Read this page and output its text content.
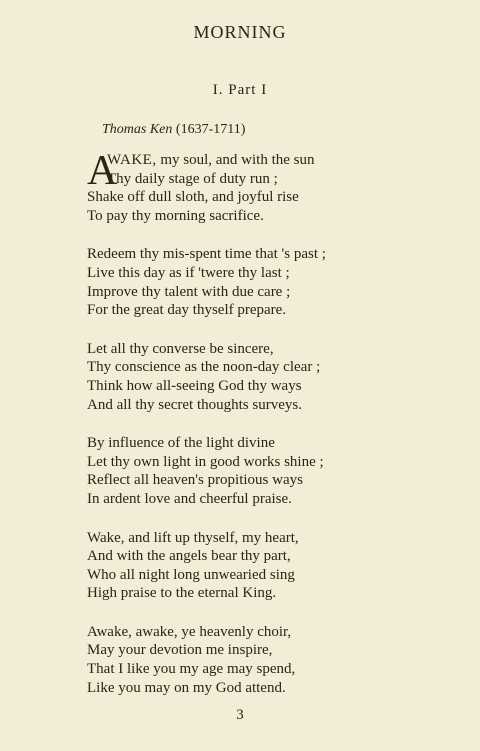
MORNING
I. Part I
Thomas Ken (1637-1711)
A
WAKE, my soul, and with the sun
Thy daily stage of duty run ;
Shake off dull sloth, and joyful rise
To pay thy morning sacrifice.
Redeem thy mis-spent time that 's past ;
Live this day as if 'twere thy last ;
Improve thy talent with due care ;
For the great day thyself prepare.
Let all thy converse be sincere,
Thy conscience as the noon-day clear ;
Think how all-seeing God thy ways
And all thy secret thoughts surveys.
By influence of the light divine
Let thy own light in good works shine ;
Reflect all heaven's propitious ways
In ardent love and cheerful praise.
Wake, and lift up thyself, my heart,
And with the angels bear thy part,
Who all night long unwearied sing
High praise to the eternal King.
Awake, awake, ye heavenly choir,
May your devotion me inspire,
That I like you my age may spend,
Like you may on my God attend.
3
